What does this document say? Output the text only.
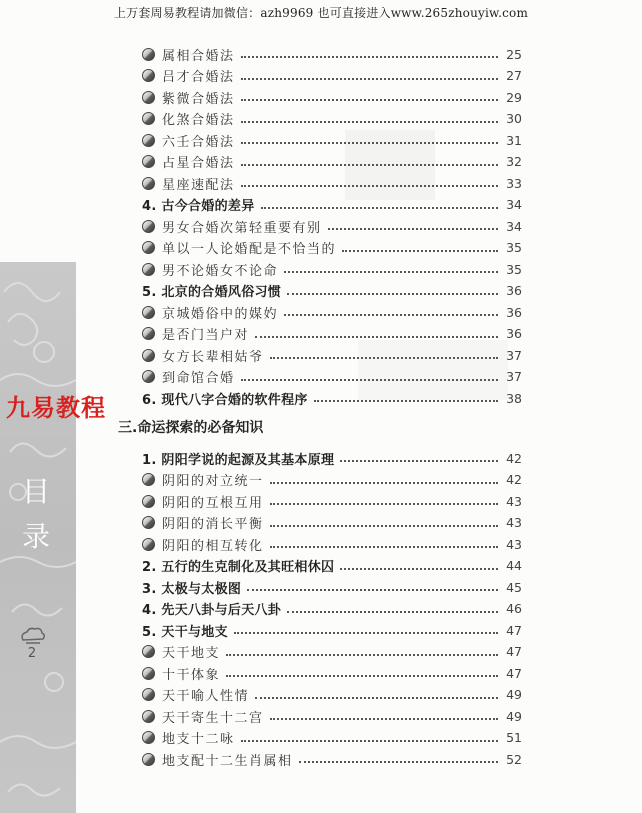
上万套周易教程请加微信：azh9969 也可直接进入www.265zhouyiw.com
九易教程
目
录
2
三.命运探索的必备知识
属相合婚法	25
吕才合婚法	27
紫微合婚法	29
化煞合婚法	30
六壬合婚法	31
占星合婚法	32
星座速配法	33
4. 古今合婚的差异	34
男女合婚次第轻重要有别	34
单以一人论婚配是不恰当的	35
男不论婚女不论命	35
5. 北京的合婚风俗习惯	36
京城婚俗中的媒妁	36
是否门当户对	36
女方长辈相姑爷	37
到命馆合婚	37
6. 现代八字合婚的软件程序	38
1. 阴阳学说的起源及其基本原理	42
阴阳的对立统一	42
阴阳的互根互用	43
阴阳的消长平衡	43
阴阳的相互转化	43
2. 五行的生克制化及其旺相休囚	44
3. 太极与太极图	45
4. 先天八卦与后天八卦	46
5. 天干与地支	47
天干地支	47
十干体象	47
天干喻人性情	49
天干寄生十二宫	49
地支十二咏	51
地支配十二生肖属相	52
